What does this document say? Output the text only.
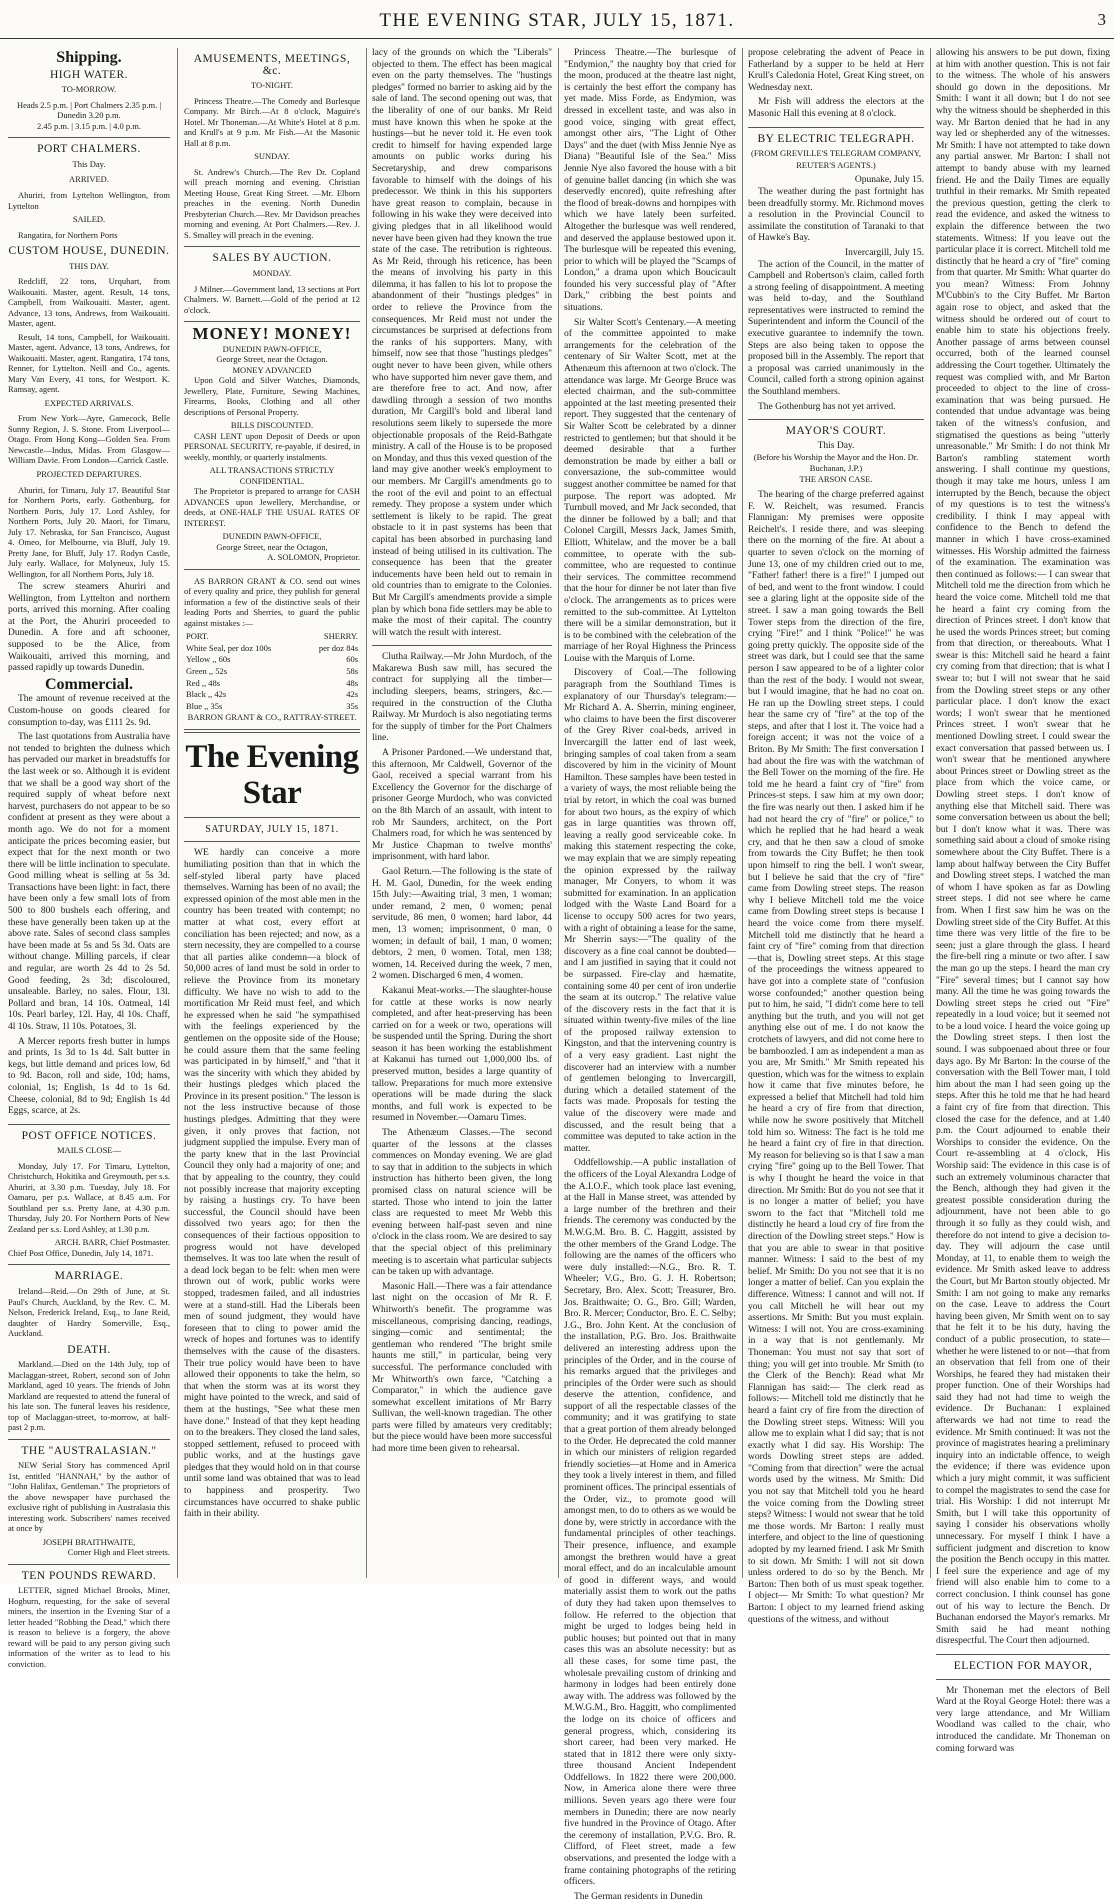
THE EVENING STAR, JULY 15, 1871.	3
Shipping.
HIGH WATER.
TO-MORROW.
Heads 2.5 p.m. | Port Chalmers 2.35 p.m. | Dunedin 3.20 p.m.
2.45 p.m. | 3.15 p.m. | 4.0 p.m.
PORT CHALMERS.
This Day.
ARRIVED.

Ahuriri, from Lyttelton Wellington, from Lyttelton

SAILED.

Rangatira, for Northern Ports

CUSTOM HOUSE, DUNEDIN.
THIS DAY.

Redcliff, 22 tons, Urquhart, from Waikouaiti. Master, agent. Result, 14 tons, Campbell, from Waikouaiti. Master, agent. Advance, 13 tons, Andrews, from Waikouaiti. Master, agent.

Result, 14 tons, Campbell, for Waikouaiti. Master, agent. Advance, 13 tons, Andrews, for Waikouaiti. Master, agent. Rangatira, 174 tons, Renner, for Lyttelton. Neill and Co., agents. Mary Van Every, 41 tons, for Westport. K. Ramsay, agent.

EXPECTED ARRIVALS.

From New York—Ayre, Gamecock, Belle Sunny Region, J. S. Stone. From Liverpool—Otago. From Hong Kong—Golden Sea. From Newcastle—Indus, Midas. From Glasgow—William Davie. From London—Carrick Castle.

PROJECTED DEPARTURES.

Ahuriri, for Timaru, July 17. Beautiful Star for Northern Ports, early. Gothenburg, for Northern Ports, July 17. Lord Ashley, for Northern Ports, July 20. Maori, for Timaru, July 17. Nebraska, for San Francisco, August 4. Omeo, for Melbourne, via Bluff, July 19. Pretty Jane, for Bluff, July 17. Rodyn Castle, July early. Wallace, for Molyneux, July 15. Wellington, for all Northern Ports, July 18.

The screw steamers Ahuriri and Wellington, from Lyttelton and northern ports, arrived this morning. After coaling at the Port, the Ahuriri proceeded to Dunedin. A fore and aft schooner, supposed to be the Alice, from Waikouaiti, arrived this morning, and passed rapidly up towards Dunedin.

Commercial.

The amount of revenue received at the Custom-house on goods cleared for consumption to-day, was £111 2s. 9d.

The last quotations from Australia have not tended to brighten the dulness which has pervaded our market in breadstuffs for the last week or so. Although it is evident that we shall be a good way short of the required supply of wheat before next harvest, purchasers do not appear to be so confident at present as they were about a month ago. We do not for a moment anticipate the prices becoming easier, but expect that for the next month or two there will be little inclination to speculate. Good milling wheat is selling at 5s 3d. Transactions have been light: in fact, there have been only a few small lots of from 500 to 800 bushels each offering, and these have generally been taken up at the above rate. Sales of second class samples have been made at 5s and 5s 3d. Oats are without change. Milling parcels, if clear and regular, are worth 2s 4d to 2s 5d. Good feeding, 2s 3d; discoloured, unsaleable. Barley, no sales. Flour, 13l. Pollard and bran, 14 10s. Oatmeal, 14l 10s. Pearl barley, 12l. Hay, 4l 10s. Chaff, 4l 10s. Straw, 1l 10s. Potatoes, 3l.

A Mercer reports fresh butter in lumps and prints, 1s 3d to 1s 4d. Salt butter in kegs, but little demand and prices low, 6d to 9d. Bacon, roll and side, 10d; hams, colonial, 1s; English, 1s 4d to 1s 6d. Cheese, colonial, 8d to 9d; English 1s 4d Eggs, scarce, at 2s.

POST OFFICE NOTICES.
MAILS CLOSE—

Monday, July 17. For Timaru, Lyttelton, Christchurch, Hokitika and Greymouth, per s.s. Ahuriri, at 3.30 p.m. Tuesday, July 18. For Oamaru, per p.s. Wallace, at 8.45 a.m. For Southland per s.s. Pretty Jane, at 4.30 p.m. Thursday, July 20. For Northern Ports of New Zealand per s.s. Lord Ashley, at 1.30 p.m.

ARCH. BARR, Chief Postmaster.
Chief Post Office, Dunedin, July 14, 1871.
MARRIAGE.

Ireland—Reid.—On 29th of June, at St. Paul's Church, Auckland, by the Rev. C. M. Nelson, Frederick Ireland, Esq., to Jane Reid, daughter of Hardry Somerville, Esq., Auckland.

DEATH.

Markland.—Died on the 14th July, top of Maclaggan-street, Robert, second son of John Markland, aged 10 years. The friends of John Markland are requested to attend the funeral of his late son. The funeral leaves his residence, top of Maclaggan-street, to-morrow, at half-past 2 p.m.

THE "AUSTRALASIAN."

NEW Serial Story has commenced April 1st, entitled "HANNAH," by the author of "John Halifax, Gentleman." The proprietors of the above newspaper have purchased the exclusive right of publishing in Australasia this interesting work. Subscribers' names received at once by

JOSEPH BRAITHWAITE,
Corner High and Fleet streets.
TEN POUNDS REWARD.

LETTER, signed Michael Brooks, Miner, Hogburn, requesting, for the sake of several miners, the insertion in the Evening Star of a letter headed "Robbing the Dead," which there is reason to believe is a forgery, the above reward will be paid to any person giving such information of the writer as to lead to his conviction.

AMUSEMENTS, MEETINGS, &c.
TO-NIGHT.

Princess Theatre.—The Comedy and Burlesque Company. Mr Birch.—At 8 o'clock, Maguire's Hotel. Mr Thoneman.—At White's Hotel at 8 p.m. and Krull's at 9 p.m. Mr Fish.—At the Masonic Hall at 8 p.m.

SUNDAY.

St. Andrew's Church.—The Rev Dr. Copland will preach morning and evening. Christian Meeting House, Great King Street. —Mr. Elborn preaches in the evening. North Dunedin Presbyterian Church.—Rev. Mr Davidson preaches morning and evening. At Port Chalmers.—Rev. J. S. Smalley will preach in the evening.

SALES BY AUCTION.
MONDAY.

J Milner.—Government land, 13 sections at Port Chalmers. W. Barnett.—Gold of the period at 12 o'clock.

MONEY! MONEY!
DUNEDIN PAWN-OFFICE,
George Street, near the Octagon.
MONEY ADVANCED

Upon Gold and Silver Watches, Diamonds, Jewellery, Plate, Furniture, Sewing Machines, Firearms, Books, Clothing and all other descriptions of Personal Property.

BILLS DISCOUNTED.

CASH LENT upon Deposit of Deeds or upon PERSONAL SECURITY, re-payable, if desired, in weekly, monthly, or quarterly instalments.

ALL TRANSACTIONS STRICTLY CONFIDENTIAL.

The Proprietor is prepared to arrange for CASH ADVANCES upon Jewellery, Merchandise, or deeds, at ONE-HALF THE USUAL RATES OF INTEREST.

DUNEDIN PAWN-OFFICE,
George Street, near the Octagon,
A. SOLOMON, Proprietor.

AS BARRON GRANT & CO. send out wines of every quality and price, they publish for general information a few of the distinctive seals of their leading Ports and Sherries, to guard the public against mistakes :—

PORT.	SHERRY.
White Seal, per doz 100s	per doz 84s
Yellow ,, 60s	60s
Green ,, 52s	58s
Red ,, 48s	48s
Black ,, 42s	42s
Blue ,, 35s	35s
BARRON GRANT & CO., RATTRAY-STREET.
The Evening Star
SATURDAY, JULY 15, 1871.

WE hardly can conceive a more humiliating position than that in which the self-styled liberal party have placed themselves. Warning has been of no avail; the expressed opinion of the most able men in the country has been treated with contempt; no matter at what cost, every effort at conciliation has been rejected; and now, as a stern necessity, they are compelled to a course that all parties alike condemn—a block of 50,000 acres of land must be sold in order to relieve the Province from its monetary difficulty. We have no wish to add to the mortification Mr Reid must feel, and which he expressed when he said "he sympathised with the feelings experienced by the gentlemen on the opposite side of the House; he could assure them that the same feeling was participated in by himself," and "that it was the sincerity with which they abided by their hustings pledges which placed the Province in its present position." The lesson is not the less instructive because of those hustings pledges. Admitting that they were given, it only proves that faction, not judgment supplied the impulse. Every man of the party knew that in the last Provincial Council they only had a majority of one; and that by appealing to the country, they could not possibly increase that majority excepting by raising a hustings cry. To have been successful, the Council should have been dissolved two years ago; for then the consequences of their factious opposition to progress would not have developed themselves. It was too late when the result of a dead lock began to be felt: when men were thrown out of work, public works were stopped, tradesmen failed, and all industries were at a stand-still. Had the Liberals been men of sound judgment, they would have foreseen that to cling to power amid the wreck of hopes and fortunes was to identify themselves with the cause of the disasters. Their true policy would have been to have allowed their opponents to take the helm, so that when the storm was at its worst they might have pointed to the wreck, and said of them at the hustings, "See what these men have done." Instead of that they kept heading on to the breakers. They closed the land sales, stopped settlement, refused to proceed with public works, and at the hustings gave pledges that they would hold on in that course until some land was obtained that was to lead to happiness and prosperity. Two circumstances have occurred to shake public faith in their ability.

lacy of the grounds on which the "Liberals" objected to them. The effect has been magical even on the party themselves. The "hustings pledges" formed no barrier to asking aid by the sale of land. The second opening out was, that the liberality of one of our banks. Mr Reid must have known this when he spoke at the hustings—but he never told it. He even took credit to himself for having expended large amounts on public works during his Secretaryship, and drew comparisons favorable to himself with the doings of his predecessor. We think in this his supporters have great reason to complain, because in following in his wake they were deceived into giving pledges that in all likelihood would never have been given had they known the true state of the case. The retribution is righteous. As Mr Reid, through his reticence, has been the means of involving his party in this dilemma, it has fallen to his lot to propose the abandonment of their "hustings pledges" in order to relieve the Province from the consequences. Mr Reid must not under the circumstances be surprised at defections from the ranks of his supporters. Many, with himself, now see that those "hustings pledges" ought never to have been given, while others who have supported him never gave them, and are therefore free to act. And now, after dawdling through a session of two months duration, Mr Cargill's bold and liberal land resolutions seem likely to supersede the more objectionable proposals of the Reid-Bathgate ministry. A call of the House is to be proposed on Monday, and thus this vexed question of the land may give another week's employment to our members. Mr Cargill's amendments go to the root of the evil and point to an effectual remedy. They propose a system under which settlement is likely to be rapid. The great obstacle to it in past systems has been that capital has been absorbed in purchasing land instead of being utilised in its cultivation. The consequence has been that the greater inducements have been held out to remain in old countries than to emigrate to the Colonies. But Mr Cargill's amendments provide a simple plan by which bona fide settlers may be able to make the most of their capital. The country will watch the result with interest.

Clutha Railway.—Mr John Murdoch, of the Makarewa Bush saw mill, has secured the contract for supplying all the timber—including sleepers, beams, stringers, &c.—required in the construction of the Clutha Railway. Mr Murdoch is also negotiating terms for the supply of timber for the Port Chalmers line.

A Prisoner Pardoned.—We understand that, this afternoon, Mr Caldwell, Governor of the Gaol, received a special warrant from his Excellency the Governor for the discharge of prisoner George Murdoch, who was convicted on the 8th March of an assault, with intent to rob Mr Saunders, architect, on the Port Chalmers road, for which he was sentenced by Mr Justice Chapman to twelve months' imprisonment, with hard labor.

Gaol Return.—The following is the state of H. M. Gaol, Dunedin, for the week ending 15th July:—Awaiting trial, 3 men, 1 woman; under remand, 2 men, 0 women; penal servitude, 86 men, 0 women; hard labor, 44 men, 13 women; imprisonment, 0 man, 0 women; in default of bail, 1 man, 0 women; debtors, 2 men, 0 women. Total, men 138; women, 14. Received during the week, 7 men, 2 women. Discharged 6 men, 4 women.

Kakanui Meat-works.—The slaughter-house for cattle at these works is now nearly completed, and after heat-preserving has been carried on for a week or two, operations will be suspended until the Spring. During the short season it has been working the establishment at Kakanui has turned out 1,000,000 lbs. of preserved mutton, besides a large quantity of tallow. Preparations for much more extensive operations will be made during the slack months, and full work is expected to be resumed in November.—Oamaru Times.

The Athenæum Classes.—The second quarter of the lessons at the classes commences on Monday evening. We are glad to say that in addition to the subjects in which instruction has hitherto been given, the long promised class on natural science will be started. Those who intend to join the latter class are requested to meet Mr Webb this evening between half-past seven and nine o'clock in the class room. We are desired to say that the special object of this preliminary meeting is to ascertain what particular subjects can be taken up with advantage.

Masonic Hall.—There was a fair attendance last night on the occasion of Mr R. F. Whitworth's benefit. The programme was miscellaneous, comprising dancing, readings, singing—comic and sentimental; the gentleman who rendered "The bright smile haunts me still," in particular, being very successful. The performance concluded with Mr Whitworth's own farce, "Catching a Comparator," in which the audience gave somewhat excellent imitations of Mr Barry Sullivan, the well-known tragedian. The other parts were filled by amateurs very creditably; but the piece would have been more successful had more time been given to rehearsal.

Princess Theatre.—The burlesque of "Endymion," the naughty boy that cried for the moon, produced at the theatre last night, is certainly the best effort the company has yet made. Miss Forde, as Endymion, was dressed in excellent taste, and was also in good voice, singing with great effect, amongst other airs, "The Light of Other Days" and the duet (with Miss Jennie Nye as Diana) "Beautiful Isle of the Sea." Miss Jennie Nye also favored the house with a bit of genuine ballet dancing (in which she was deservedly encored), quite refreshing after the flood of break-downs and hornpipes with which we have lately been surfeited. Altogether the burlesque was well rendered, and deserved the applause bestowed upon it. The burlesque will be repeated this evening, prior to which will be played the "Scamps of London," a drama upon which Boucicault founded his very successful play of "After Dark," cribbing the best points and situations.

Sir Walter Scott's Centenary.—A meeting of the committee appointed to make arrangements for the celebration of the centenary of Sir Walter Scott, met at the Athenæum this afternoon at two o'clock. The attendance was large. Mr George Bruce was elected chairman, and the sub-committee appointed at the last meeting presented their report. They suggested that the centenary of Sir Walter Scott be celebrated by a dinner restricted to gentlemen; but that should it be deemed desirable that a further demonstration be made by either a ball or conversazione, the sub-committee would suggest another committee be named for that purpose. The report was adopted. Mr Turnbull moved, and Mr Jack seconded, that the dinner be followed by a ball; and that Colonel Cargill, Messrs Jack, James Smith, Elliott, Whitelaw, and the mover be a ball committee, to operate with the sub-committee, who are requested to continue their services. The committee recommend that the hour for dinner be not later than five o'clock. The arrangements as to prices were remitted to the sub-committee. At Lyttelton there will be a similar demonstration, but it is to be combined with the celebration of the marriage of her Royal Highness the Princess Louise with the Marquis of Lorne.

Discovery of Coal.—The following paragraph from the Southland Times is explanatory of our Thursday's telegram:—Mr Richard A. A. Sherrin, mining engineer, who claims to have been the first discoverer of the Grey River coal-beds, arrived in Invercargill the latter end of last week, bringing samples of coal taken from a seam discovered by him in the vicinity of Mount Hamilton. These samples have been tested in a variety of ways, the most reliable being the trial by retort, in which the coal was burned for about two hours, as the expiry of which gas in large quantities was thrown off, leaving a really good serviceable coke. In making this statement respecting the coke, we may explain that we are simply repeating the opinion expressed by the railway manager, Mr Conyers, to whom it was submitted for examination. In an application lodged with the Waste Land Board for a license to occupy 500 acres for two years, with a right of obtaining a lease for the same, Mr Sherrin says:—"The quality of the discovery as a fine coal cannot be doubted—and I am justified in saying that it could not be surpassed. Fire-clay and hæmatite, containing some 40 per cent of iron underlie the seam at its outcrop." The relative value of the discovery rests in the fact that it is situated within twenty-five miles of the line of the proposed railway extension to Kingston, and that the intervening country is of a very easy gradient. Last night the discoverer had an interview with a number of gentlemen belonging to Invercargill, during which a detailed statement of the facts was made. Proposals for testing the value of the discovery were made and discussed, and the result being that a committee was deputed to take action in the matter.

Oddfellowship.—A public installation of the officers of the Loyal Alexandra Lodge of the A.I.O.F., which took place last evening, at the Hall in Manse street, was attended by a large number of the brethren and their friends. The ceremony was conducted by the M.W.G.M. Bro. B. C. Haggitt, assisted by the other members of the Grand Lodge. The following are the names of the officers who were duly installed:—N.G., Bro. R. T. Wheeler; V.G., Bro. G. J. H. Robertson; Secretary, Bro. Alex. Scott; Treasurer, Bro. Jos. Braithwaite; O. G., Bro. Gill; Warden, Bro. R. Mercer; Conductor, Bro. E. C. Selby; J.G., Bro. John Kent. At the conclusion of the installation, P.G. Bro. Jos. Braithwaite delivered an interesting address upon the principles of the Order, and in the course of his remarks argued that the privileges and principles of the Order were such as should deserve the attention, confidence, and support of all the respectable classes of the community; and it was gratifying to state that a great portion of them already belonged to the Order. He deprecated the cold manner in which our ministers of religion regarded friendly societies—at Home and in America they took a lively interest in them, and filled prominent offices. The principal essentials of the Order, viz., to promote good will amongst men, to do to others as we would be done by, were strictly in accordance with the fundamental principles of other teachings. Their presence, influence, and example amongst the brethren would have a great moral effect, and do an incalculable amount of good in different ways, and would materially assist them to work out the paths of duty they had taken upon themselves to follow. He referred to the objection that might be urged to lodges being held in public houses; but pointed out that in many cases this was an absolute necessity: but as all these cases, for some time past, the wholesale prevailing custom of drinking and harmony in lodges had been entirely done away with. The address was followed by the M.W.G.M., Bro. Haggitt, who complimented the lodge on its choice of officers and general progress, which, considering its short career, had been very marked. He stated that in 1812 there were only sixty-three thousand Ancient Independent Oddfellows. In 1822 there were 200,000. Now, in America alone there were three millions. Seven years ago there were four members in Dunedin; there are now nearly five hundred in the Province of Otago. After the ceremony of installation, P.V.G. Bro. R. Clifford, of Fleet street, made a few observations, and presented the lodge with a frame containing photographs of the retiring officers.

The German residents in Dunedin

propose celebrating the advent of Peace in Fatherland by a supper to be held at Herr Krull's Caledonia Hotel, Great King street, on Wednesday next.

Mr Fish will address the electors at the Masonic Hall this evening at 8 o'clock.

BY ELECTRIC TELEGRAPH.
(FROM GREVILLE'S TELEGRAM COMPANY, REUTER'S AGENTS.)
Opunake, July 15.

The weather during the past fortnight has been dreadfully stormy. Mr. Richmond moves a resolution in the Provincial Council to assimilate the constitution of Taranaki to that of Hawke's Bay.

Invercargill, July 15.

The action of the Council, in the matter of Campbell and Robertson's claim, called forth a strong feeling of disappointment. A meeting was held to-day, and the Southland representatives were instructed to remind the Superintendent and inform the Council of the executive guarantee to indemnify the town. Steps are also being taken to oppose the proposed bill in the Assembly. The report that a proposal was carried unanimously in the Council, called forth a strong opinion against the Southland members.

The Gothenburg has not yet arrived.

MAYOR'S COURT.
This Day.
(Before his Worship the Mayor and the Hon. Dr. Buchanan, J.P.)
THE ARSON CASE.

The hearing of the charge preferred against F. W. Reichelt, was resumed. Francis Flannigan: My premises were opposite Reichelt's. I reside there, and was sleeping there on the morning of the fire. At about a quarter to seven o'clock on the morning of June 13, one of my children cried out to me, "Father! father! there is a fire!" I jumped out of bed, and went to the front window. I could see a glaring light at the opposite side of the street. I saw a man going towards the Bell Tower steps from the direction of the fire, crying "Fire!" and I think "Police!" he was going pretty quickly. The opposite side of the street was dark, but I could see that the same person I saw appeared to be of a lighter color than the rest of the body. I would not swear, but I would imagine, that he had no coat on. He ran up the Dowling street steps. I could hear the same cry of "fire" at the top of the steps, and after that I lost it. The voice had a foreign accent; it was not the voice of a Briton. By Mr Smith: The first conversation I had about the fire was with the watchman of the Bell Tower on the morning of the fire. He told me he heard a faint cry of "fire" from Princes-st steps. I saw him at my own door; the fire was nearly out then. I asked him if he had not heard the cry of "fire" or police," to which he replied that he had heard a weak cry, and that he then saw a cloud of smoke from towards the City Buffet; he then took upon himself to ring the bell. I won't swear, but I believe he said that the cry of "fire" came from Dowling street steps. The reason why I believe Mitchell told me the voice came from Dowling street steps is because I heard the voice come from there myself. Mitchell told me distinctly that he heard a faint cry of "fire" coming from that direction—that is, Dowling street steps. At this stage of the proceedings the witness appeared to have got into a complete state of "confusion worse confounded;" another question being put to him, he said, "I didn't come here to tell anything but the truth, and you will not get anything else out of me. I do not know the crotchets of lawyers, and did not come here to be bamboozled. I am as independent a man as you are, Mr Smith." Mr Smith repeated his question, which was for the witness to explain how it came that five minutes before, he expressed a belief that Mitchell had told him he heard a cry of fire from that direction, while now he swore positively that Mitchell told him so. Witness: The fact is he told me he heard a faint cry of fire in that direction. My reason for believing so is that I saw a man crying "fire" going up to the Bell Tower. That is why I thought he heard the voice in that direction. Mr Smith: But do you not see that it is no longer a matter of belief; you have sworn to the fact that "Mitchell told me distinctly he heard a loud cry of fire from the direction of the Dowling street steps." How is that you are able to swear in that positive manner. Witness: I said to the best of my belief. Mr Smith: Do you not see that it is no longer a matter of belief. Can you explain the difference. Witness: I cannot and will not. If you call Mitchell he will hear out my assertions. Mr Smith: But you must explain. Witness: I will not. You are cross-examining in a way that is not gentlemanly. Mr Thoneman: You must not say that sort of thing; you will get into trouble. Mr Smith (to the Clerk of the Bench): Read what Mr Flannigan has said:— The clerk read as follows:— Mitchell told me distinctly that he heard a faint cry of fire from the direction of the Dowling street steps. Witness: Will you allow me to explain what I did say; that is not exactly what I did say. His Worship: The words Dowling street steps are added. "Coming from that direction" were the actual words used by the witness. Mr Smith: Did you not say that Mitchell told you he heard the voice coming from the Dowling street steps? Witness: I would not swear that he told me those words. Mr Barton: I really must interfere, and object to the line of questioning adopted by my learned friend. I ask Mr Smith to sit down. Mr Smith: I will not sit down unless ordered to do so by the Bench. Mr Barton: Then both of us must speak together. I object— Mr Smith: To what question? Mr Barton: I object to my learned friend asking questions of the witness, and without

allowing his answers to be put down, fixing at him with another question. This is not fair to the witness. The whole of his answers should go down in the depositions. Mr Smith: I want it all down; but I do not see why the witness should be shepherded in this way. Mr Barton denied that he had in any way led or shepherded any of the witnesses. Mr Smith: I have not attempted to take down any partial answer. Mr Barton: I shall not attempt to bandy abuse with my learned friend. He and the Daily Times are equally truthful in their remarks. Mr Smith repeated the previous question, getting the clerk to read the evidence, and asked the witness to explain the difference between the two statements. Witness: If you leave out the particular place it is correct. Mitchell told me distinctly that he heard a cry of "fire" coming from that quarter. Mr Smith: What quarter do you mean? Witness: From Johnny M'Cubbin's to the City Buffet. Mr Barton again rose to object, and asked that the witness should be ordered out of court to enable him to state his objections freely. Another passage of arms between counsel occurred, both of the learned counsel addressing the Court together. Ultimately the request was complied with, and Mr Barton proceeded to object to the line of cross-examination that was being pursued. He contended that undue advantage was being taken of the witness's confusion, and stigmatised the questions as being "utterly unreasonable." Mr Smith: I do not think Mr Barton's rambling statement worth answering. I shall continue my questions, though it may take me hours, unless I am interrupted by the Bench, because the object of my questions is to test the witness's credibility. I think I may appeal with confidence to the Bench to defend the manner in which I have cross-examined witnesses. His Worship admitted the fairness of the examination. The examination was then continued as follows:— I can swear that Mitchell told me the direction from which he heard the voice come. Mitchell told me that he heard a faint cry coming from the direction of Princes street. I don't know that he used the words Princes street; but coming from that direction, or thereabouts. What I swear is this: Mitchell said he heard a faint cry coming from that direction; that is what I swear to; but I will not swear that he said from the Dowling street steps or any other particular place. I don't know the exact words; I won't swear that he mentioned Princes street. I won't swear that he mentioned Dowling street. I could swear the exact conversation that passed between us. I won't swear that he mentioned anywhere about Princes street or Dowling street as the place from which the voice came, or Dowling street steps. I don't know of anything else that Mitchell said. There was some conversation between us about the bell; but I don't know what it was. There was something said about a cloud of smoke rising somewhere about the City Buffet. There is a lamp about halfway between the City Buffet and Dowling street steps. I watched the man of whom I have spoken as far as Dowling street steps. I did not see where he came from. When I first saw him he was on the Dowling street side of the City Buffet. At this time there was very little of the fire to be seen; just a glare through the glass. I heard the fire-bell ring a minute or two after. I saw the man go up the steps. I heard the man cry "Fire" several times; but I cannot say how many. All the time he was going towards the Dowling street steps he cried out "Fire" repeatedly in a loud voice; but it seemed not to be a loud voice. I heard the voice going up the Dowling street steps. I then lost the sound. I was subpoenaed about three or four days ago. By Mr Barton: In the course of the conversation with the Bell Tower man, I told him about the man I had seen going up the steps. After this he told me that he had heard a faint cry of fire from that direction. This closed the case for the defence, and at 1.40 p.m. the Court adjourned to enable their Worships to consider the evidence. On the Court re-assembling at 4 o'clock, His Worship said: The evidence in this case is of such an extremely voluminous character that the Bench, although they had given it the greatest possible consideration during the adjournment, have not been able to go through it so fully as they could wish, and therefore do not intend to give a decision to-day. They will adjourn the case until Monday, at 11, to enable them to weigh the evidence. Mr Smith asked leave to address the Court, but Mr Barton stoutly objected. Mr Smith: I am not going to make any remarks on the case. Leave to address the Court having been given, Mr Smith went on to say that he felt it to be his duty, having the conduct of a public prosecution, to state—whether he were listened to or not—that from an observation that fell from one of their Worships, he feared they had mistaken their proper function. One of their Worships had said they had not had time to weigh the evidence. Dr Buchanan: I explained afterwards we had not time to read the evidence. Mr Smith continued: It was not the province of magistrates hearing a preliminary inquiry into an indictable offence, to weigh the evidence; if there was evidence upon which a jury might commit, it was sufficient to compel the magistrates to send the case for trial. His Worship: I did not interrupt Mr Smith, but I will take this opportunity of saying I consider his observations wholly unnecessary. For myself I think I have a sufficient judgment and discretion to know the position the Bench occupy in this matter. I feel sure the experience and age of my friend will also enable him to come to a correct conclusion. I think counsel has gone out of his way to lecture the Bench. Dr Buchanan endorsed the Mayor's remarks. Mr Smith said he had meant nothing disrespectful. The Court then adjourned.

ELECTION FOR MAYOR,

Mr Thoneman met the electors of Bell Ward at the Royal George Hotel: there was a very large attendance, and Mr William Woodland was called to the chair, who introduced the candidate. Mr Thoneman on coming forward was
